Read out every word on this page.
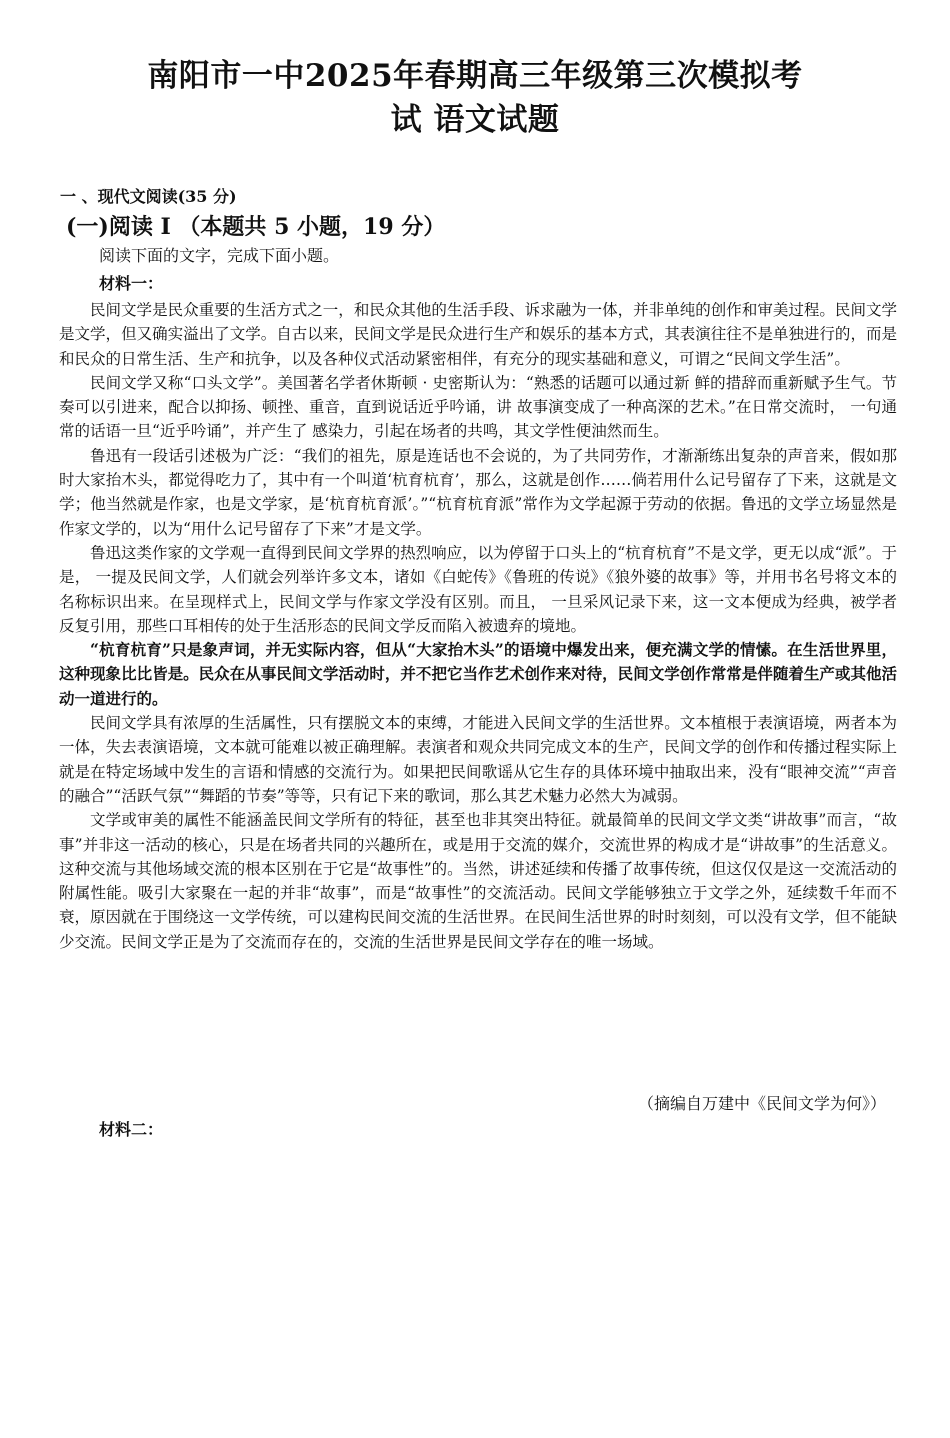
南阳市一中2025年春期高三年级第三次模拟考
试 语文试题
一 、现代文阅读(35 分)
(一)阅读 I （本题共 5 小题，19 分）
阅读下面的文字，完成下面小题。
材料一：

民间文学是民众重要的生活方式之一，和民众其他的生活手段、诉求融为一体，并非单纯的创作和审美过程。民间文学是文学，但又确实溢出了文学。自古以来，民间文学是民众进行生产和娱乐的基本方式，其表演往往不是单独进行的，而是和民众的日常生活、生产和抗争，以及各种仪式活动紧密相伴，有充分的现实基础和意义，可谓之“民间文学生活”。

民间文学又称“口头文学”。美国著名学者休斯顿 · 史密斯认为：“熟悉的话题可以通过新 鲜的措辞而重新赋予生气。节奏可以引进来，配合以抑扬、顿挫、重音，直到说话近乎吟诵，讲 故事演变成了一种高深的艺术。”在日常交流时， 一句通常的话语一旦“近乎吟诵”，并产生了 感染力，引起在场者的共鸣，其文学性便油然而生。

鲁迅有一段话引述极为广泛：“我们的祖先，原是连话也不会说的，为了共同劳作，才渐渐练出复杂的声音来，假如那时大家抬木头，都觉得吃力了，其中有一个叫道‘杭育杭育’，那么，这就是创作……倘若用什么记号留存了下来，这就是文学；他当然就是作家，也是文学家，是‘杭育杭育派’。”“杭育杭育派”常作为文学起源于劳动的依据。鲁迅的文学立场显然是作家文学的，以为“用什么记号留存了下来”才是文学。

鲁迅这类作家的文学观一直得到民间文学界的热烈响应，以为停留于口头上的“杭育杭育”不是文学，更无以成“派”。于是， 一提及民间文学，人们就会列举许多文本，诸如《白蛇传》《鲁班的传说》《狼外婆的故事》等，并用书名号将文本的名称标识出来。在呈现样式上，民间文学与作家文学没有区别。而且， 一旦采风记录下来，这一文本便成为经典，被学者反复引用，那些口耳相传的处于生活形态的民间文学反而陷入被遗弃的境地。

“杭育杭育”只是象声词，并无实际内容，但从“大家抬木头”的语境中爆发出来，便充满文学的情愫。在生活世界里，这种现象比比皆是。民众在从事民间文学活动时，并不把它当作艺术创作来对待，民间文学创作常常是伴随着生产或其他活动一道进行的。

民间文学具有浓厚的生活属性，只有摆脱文本的束缚，才能进入民间文学的生活世界。文本植根于表演语境，两者本为一体，失去表演语境，文本就可能难以被正确理解。表演者和观众共同完成文本的生产，民间文学的创作和传播过程实际上就是在特定场域中发生的言语和情感的交流行为。如果把民间歌谣从它生存的具体环境中抽取出来，没有“眼神交流”“声音的融合”“活跃气氛”“舞蹈的节奏”等等，只有记下来的歌词，那么其艺术魅力必然大为减弱。

文学或审美的属性不能涵盖民间文学所有的特征，甚至也非其突出特征。就最简单的民间文学文类“讲故事”而言，“故事”并非这一活动的核心，只是在场者共同的兴趣所在，或是用于交流的媒介，交流世界的构成才是“讲故事”的生活意义。这种交流与其他场域交流的根本区别在于它是“故事性”的。当然，讲述延续和传播了故事传统，但这仅仅是这一交流活动的附属性能。吸引大家聚在一起的并非“故事”，而是“故事性”的交流活动。民间文学能够独立于文学之外，延续数千年而不衰，原因就在于围绕这一文学传统，可以建构民间交流的生活世界。在民间生活世界的时时刻刻，可以没有文学，但不能缺少交流。民间文学正是为了交流而存在的，交流的生活世界是民间文学存在的唯一场域。

（摘编自万建中《民间文学为何》）
材料二：
